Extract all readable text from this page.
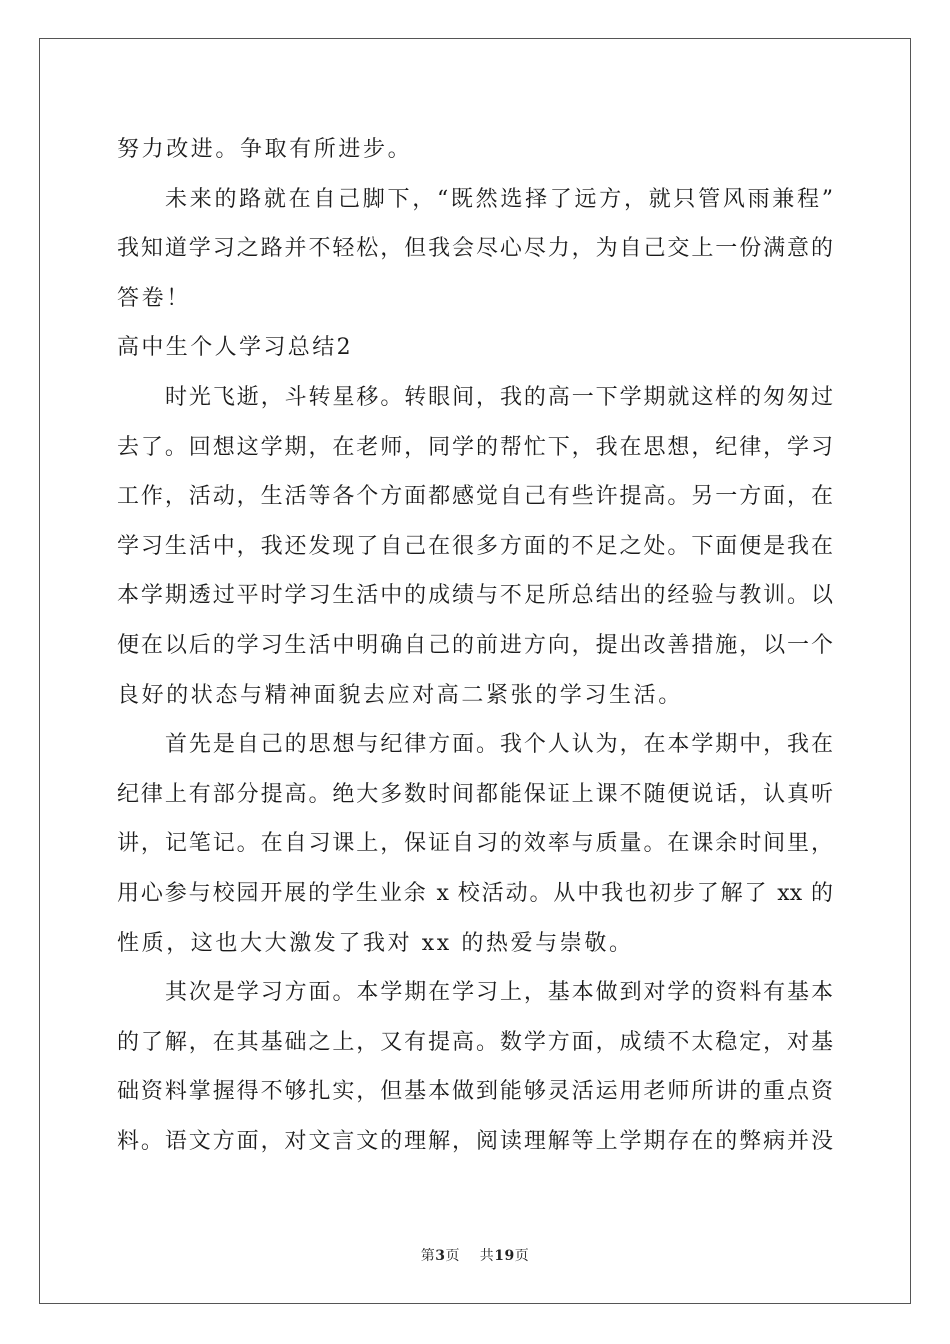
努力改进。争取有所进步。
未来的路就在自己脚下，“既然选择了远方，就只管风雨兼程”
我知道学习之路并不轻松，但我会尽心尽力，为自己交上一份满意的
答卷！
高中生个人学习总结2
时光飞逝，斗转星移。转眼间，我的高一下学期就这样的匆匆过
去了。回想这学期，在老师，同学的帮忙下，我在思想，纪律，学习
工作，活动，生活等各个方面都感觉自己有些许提高。另一方面，在
学习生活中，我还发现了自己在很多方面的不足之处。下面便是我在
本学期透过平时学习生活中的成绩与不足所总结出的经验与教训。以
便在以后的学习生活中明确自己的前进方向，提出改善措施，以一个
良好的状态与精神面貌去应对高二紧张的学习生活。
首先是自己的思想与纪律方面。我个人认为，在本学期中，我在
纪律上有部分提高。绝大多数时间都能保证上课不随便说话，认真听
讲，记笔记。在自习课上，保证自习的效率与质量。在课余时间里，
用心参与校园开展的学生业余 x 校活动。从中我也初步了解了 xx 的
性质，这也大大激发了我对 xx 的热爱与崇敬。
其次是学习方面。本学期在学习上，基本做到对学的资料有基本
的了解，在其基础之上，又有提高。数学方面，成绩不太稳定，对基
础资料掌握得不够扎实，但基本做到能够灵活运用老师所讲的重点资
料。语文方面，对文言文的理解，阅读理解等上学期存在的弊病并没
第3页 共19页
